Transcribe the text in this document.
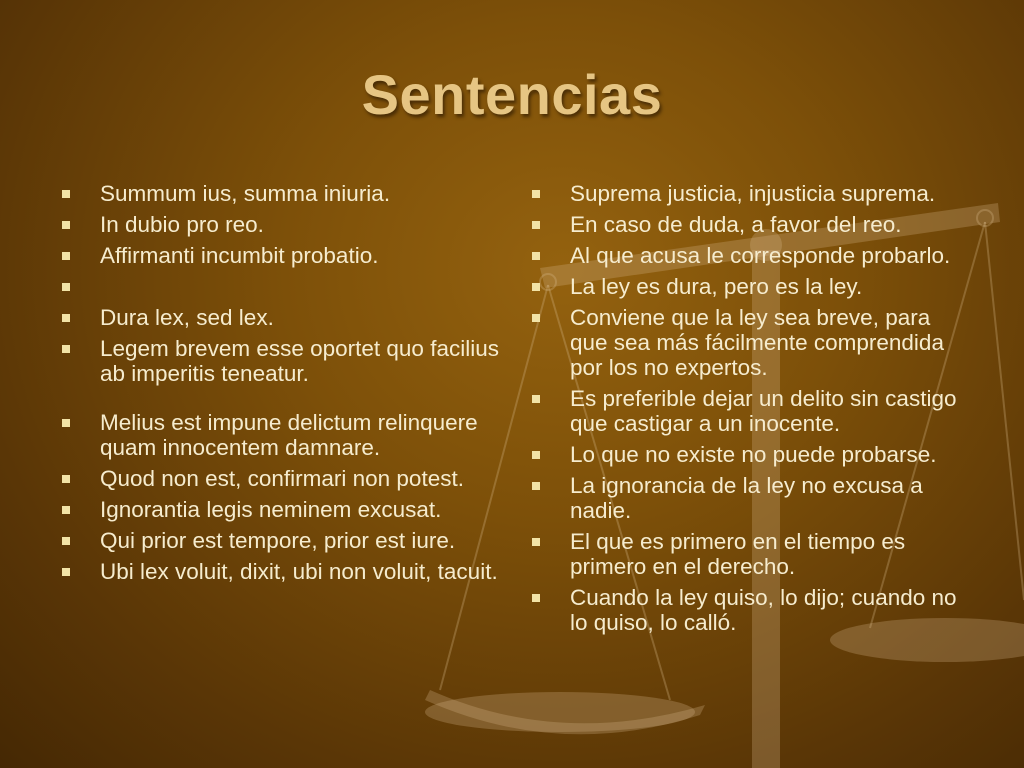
Sentencias
Summum ius, summa iniuria.
In dubio pro reo.
Affirmanti incumbit probatio.
Dura lex, sed lex.
Legem brevem esse oportet quo facilius ab imperitis teneatur.
Melius est impune delictum relinquere quam innocentem damnare.
Quod non est, confirmari non potest.
Ignorantia legis neminem excusat.
Qui prior est tempore, prior est iure.
Ubi lex voluit, dixit, ubi non voluit, tacuit.
Suprema justicia, injusticia suprema.
En caso de duda, a favor del reo.
Al que acusa le corresponde probarlo.
La ley es dura, pero es la ley.
Conviene que la ley sea breve, para que sea más fácilmente comprendida por los no expertos.
Es preferible dejar un delito sin castigo que castigar a un inocente.
Lo que no existe no puede probarse.
La ignorancia de la ley no excusa a nadie.
El que es primero en el tiempo es primero en el derecho.
Cuando la ley quiso, lo dijo; cuando no lo quiso, lo calló.
